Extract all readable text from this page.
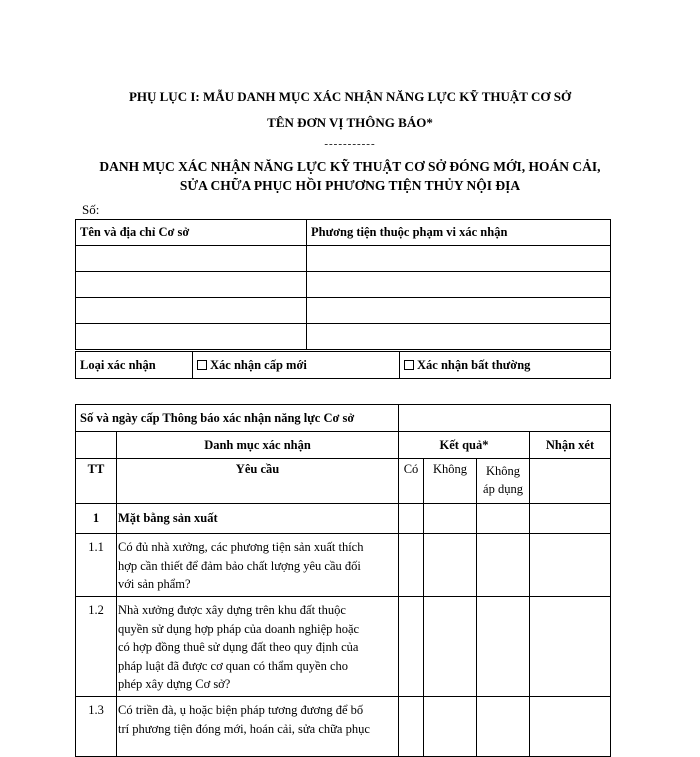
PHỤ LỤC I: MẪU DANH MỤC XÁC NHẬN NĂNG LỰC KỸ THUẬT CƠ SỞ
TÊN ĐƠN VỊ THÔNG BÁO*
-----------
DANH MỤC XÁC NHẬN NĂNG LỰC KỸ THUẬT CƠ SỞ ĐÓNG MỚI, HOÁN CẢI,
SỬA CHỮA PHỤC HỒI PHƯƠNG TIỆN THỦY NỘI ĐỊA
Số:
Tên và địa chỉ Cơ sở	Phương tiện thuộc phạm vi xác nhận

Loại xác nhận	Xác nhận cấp mới	Xác nhận bất thường
Số và ngày cấp Thông báo xác nhận năng lực Cơ sở					
	Danh mục xác nhận	Kết quả*			Nhận xét
TT	Yêu cầu	Có	Không	Không
áp dụng	

1	Mặt bằng sản xuất				
1.1	Có đủ nhà xưởng, các phương tiện sản xuất thích
hợp cần thiết để đảm bảo chất lượng yêu cầu đối
với sản phẩm?				

1.2	Nhà xưởng được xây dựng trên khu đất thuộc
quyền sử dụng hợp pháp của doanh nghiệp hoặc
có hợp đồng thuê sử dụng đất theo quy định của
pháp luật đã được cơ quan có thẩm quyền cho
phép xây dựng Cơ sở?				

1.3	Có triền đà, ụ hoặc biện pháp tương đương để bố
trí phương tiện đóng mới, hoán cải, sửa chữa phục				
